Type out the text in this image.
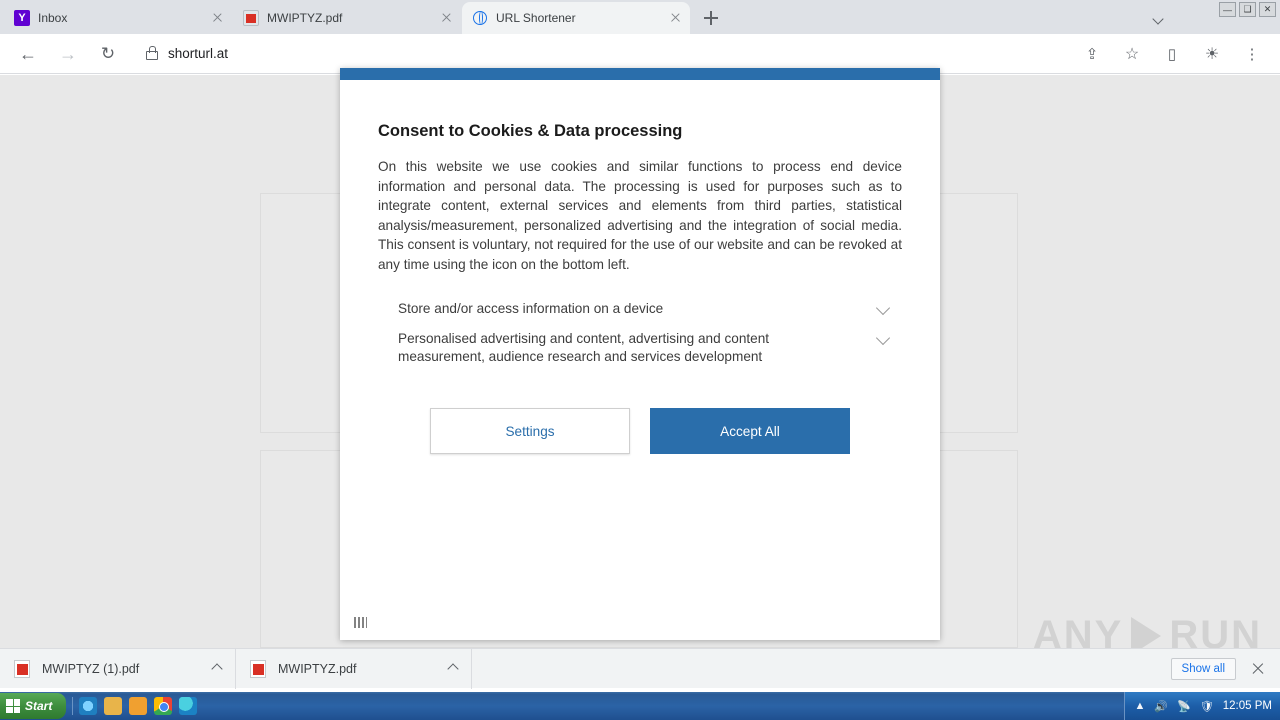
Y	Inbox	MWIPTYZ.pdf	URL Shortener
—	❑	✕
← →	↻	shorturl.at	⇪	☆	▯	☀	⋮
ANY RUN
Consent to Cookies & Data processing

On this website we use cookies and similar functions to process end device information and personal data. The processing is used for purposes such as to integrate content, external services and elements from third parties, statistical analysis/measurement, personalized advertising and the integration of social media. This consent is voluntary, not required for the use of our website and can be revoked at any time using the icon on the bottom left.

Store and/or access information on a device
Personalised advertising and content, advertising and content measurement, audience research and services development
Settings	Accept All
MWIPTYZ (1).pdf	MWIPTYZ.pdf	Show all
Start	▲ 🔊 📡 🛡 12:05 PM
